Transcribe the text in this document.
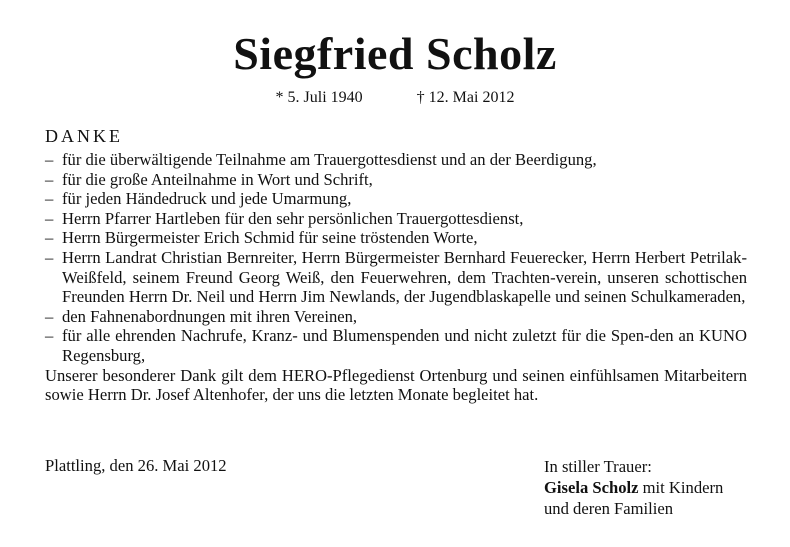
Siegfried Scholz
* 5. Juli 1940	† 12. Mai 2012
DANKE
– für die überwältigende Teilnahme am Trauergottesdienst und an der Beerdigung,
– für die große Anteilnahme in Wort und Schrift,
– für jeden Händedruck und jede Umarmung,
– Herrn Pfarrer Hartleben für den sehr persönlichen Trauergottesdienst,
– Herrn Bürgermeister Erich Schmid für seine tröstenden Worte,
– Herrn Landrat Christian Bernreiter, Herrn Bürgermeister Bernhard Feuerecker, Herrn Herbert Petrilak-Weißfeld, seinem Freund Georg Weiß, den Feuerwehren, dem Trachten-verein, unseren schottischen Freunden Herrn Dr. Neil und Herrn Jim Newlands, der Jugendblaskapelle und seinen Schulkameraden,
– den Fahnenabordnungen mit ihren Vereinen,
– für alle ehrenden Nachrufe, Kranz- und Blumenspenden und nicht zuletzt für die Spen-den an KUNO Regensburg,

Unserer besonderer Dank gilt dem HERO-Pflegedienst Ortenburg und seinen einfühlsamen Mitarbeitern sowie Herrn Dr. Josef Altenhofer, der uns die letzten Monate begleitet hat.

Plattling, den 26. Mai 2012	In stiller Trauer:
Gisela Scholz mit Kindern
und deren Familien
